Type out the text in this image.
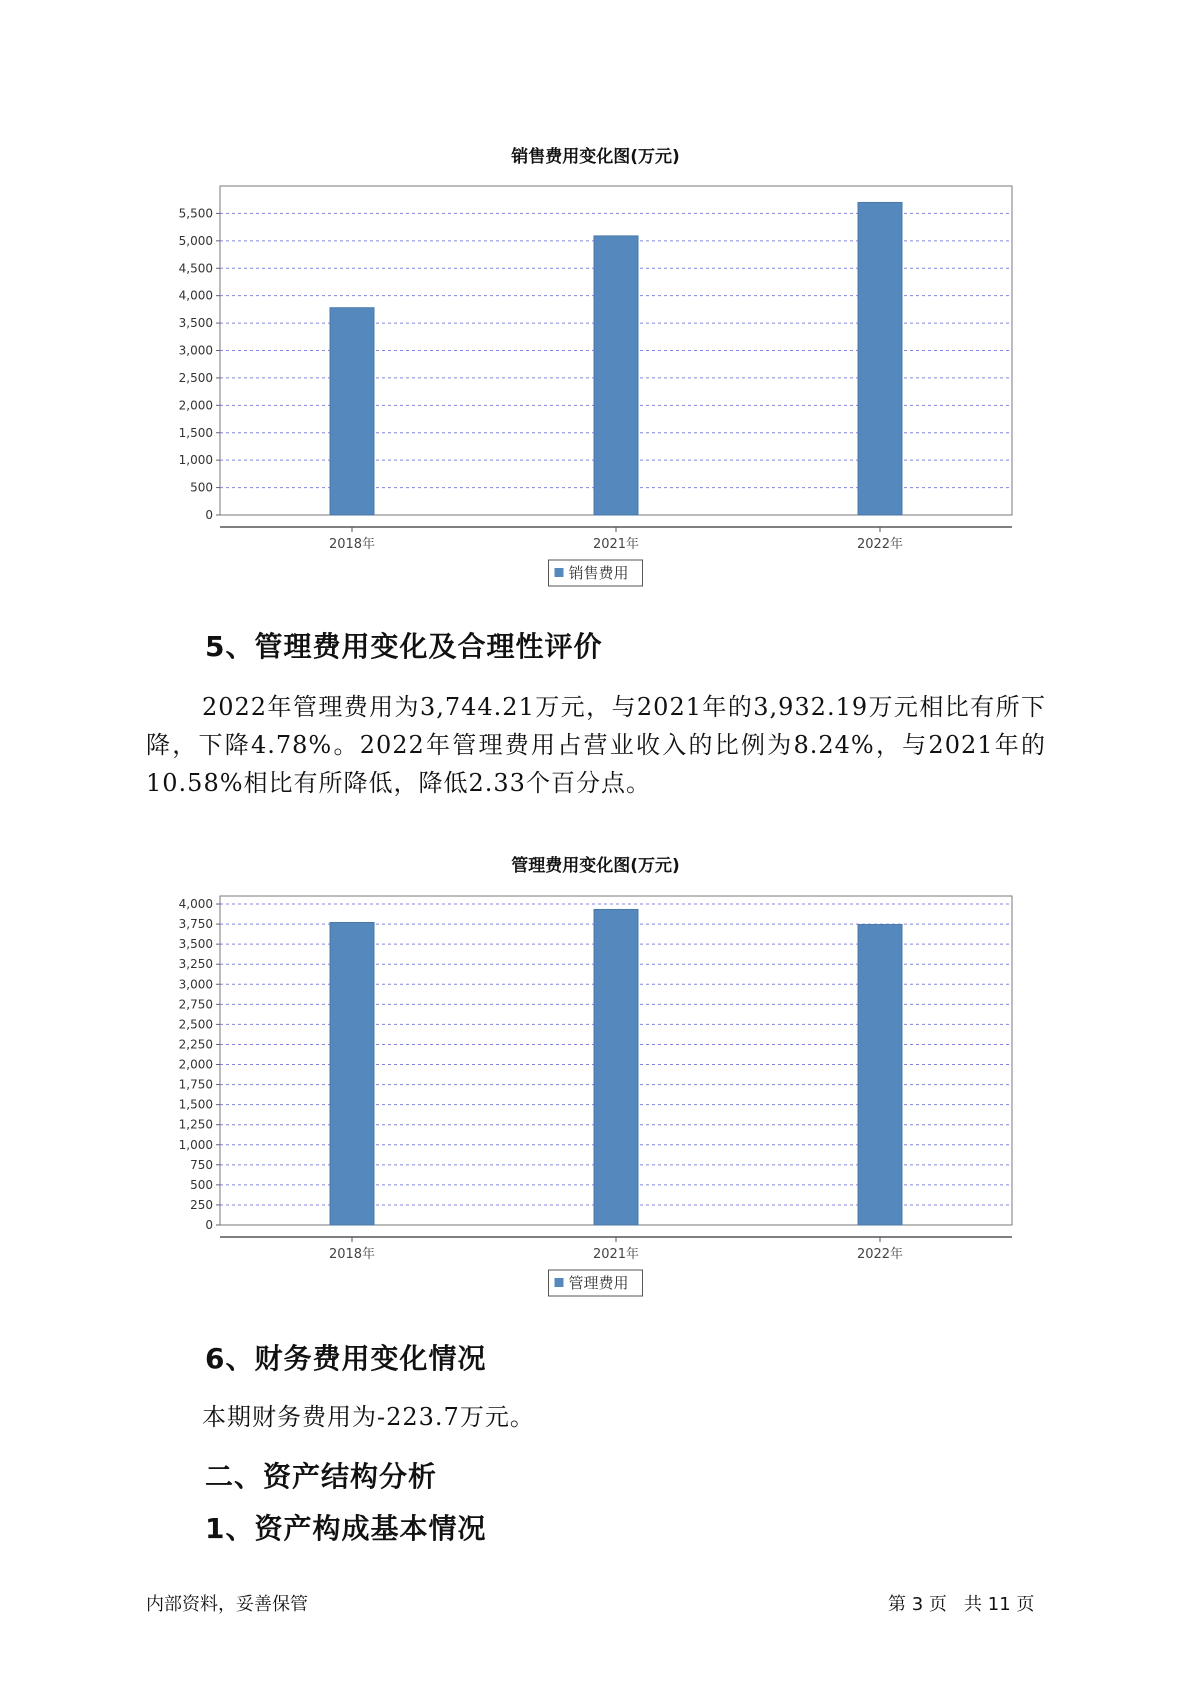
销售费用变化图(万元)
0
500
1,000
1,500
2,000
2,500
3,000
3,500
4,000
4,500
5,000
5,500
2018年	2021年	2022年
销售费用
5、管理费用变化及合理性评价

2022年管理费用为3,744.21万元，与2021年的3,932.19万元相比有所下降，下降4.78%。2022年管理费用占营业收入的比例为8.24%，与2021年的10.58%相比有所降低，降低2.33个百分点。

管理费用变化图(万元)
0
250
500
750
1,000
1,250
1,500
1,750
2,000
2,250
2,500
2,750
3,000
3,250
3,500
3,750
4,000
2018年	2021年	2022年
管理费用
6、财务费用变化情况

本期财务费用为-223.7万元。

二、资产结构分析
1、资产构成基本情况
内部资料，妥善保管	第 3 页   共 11 页
